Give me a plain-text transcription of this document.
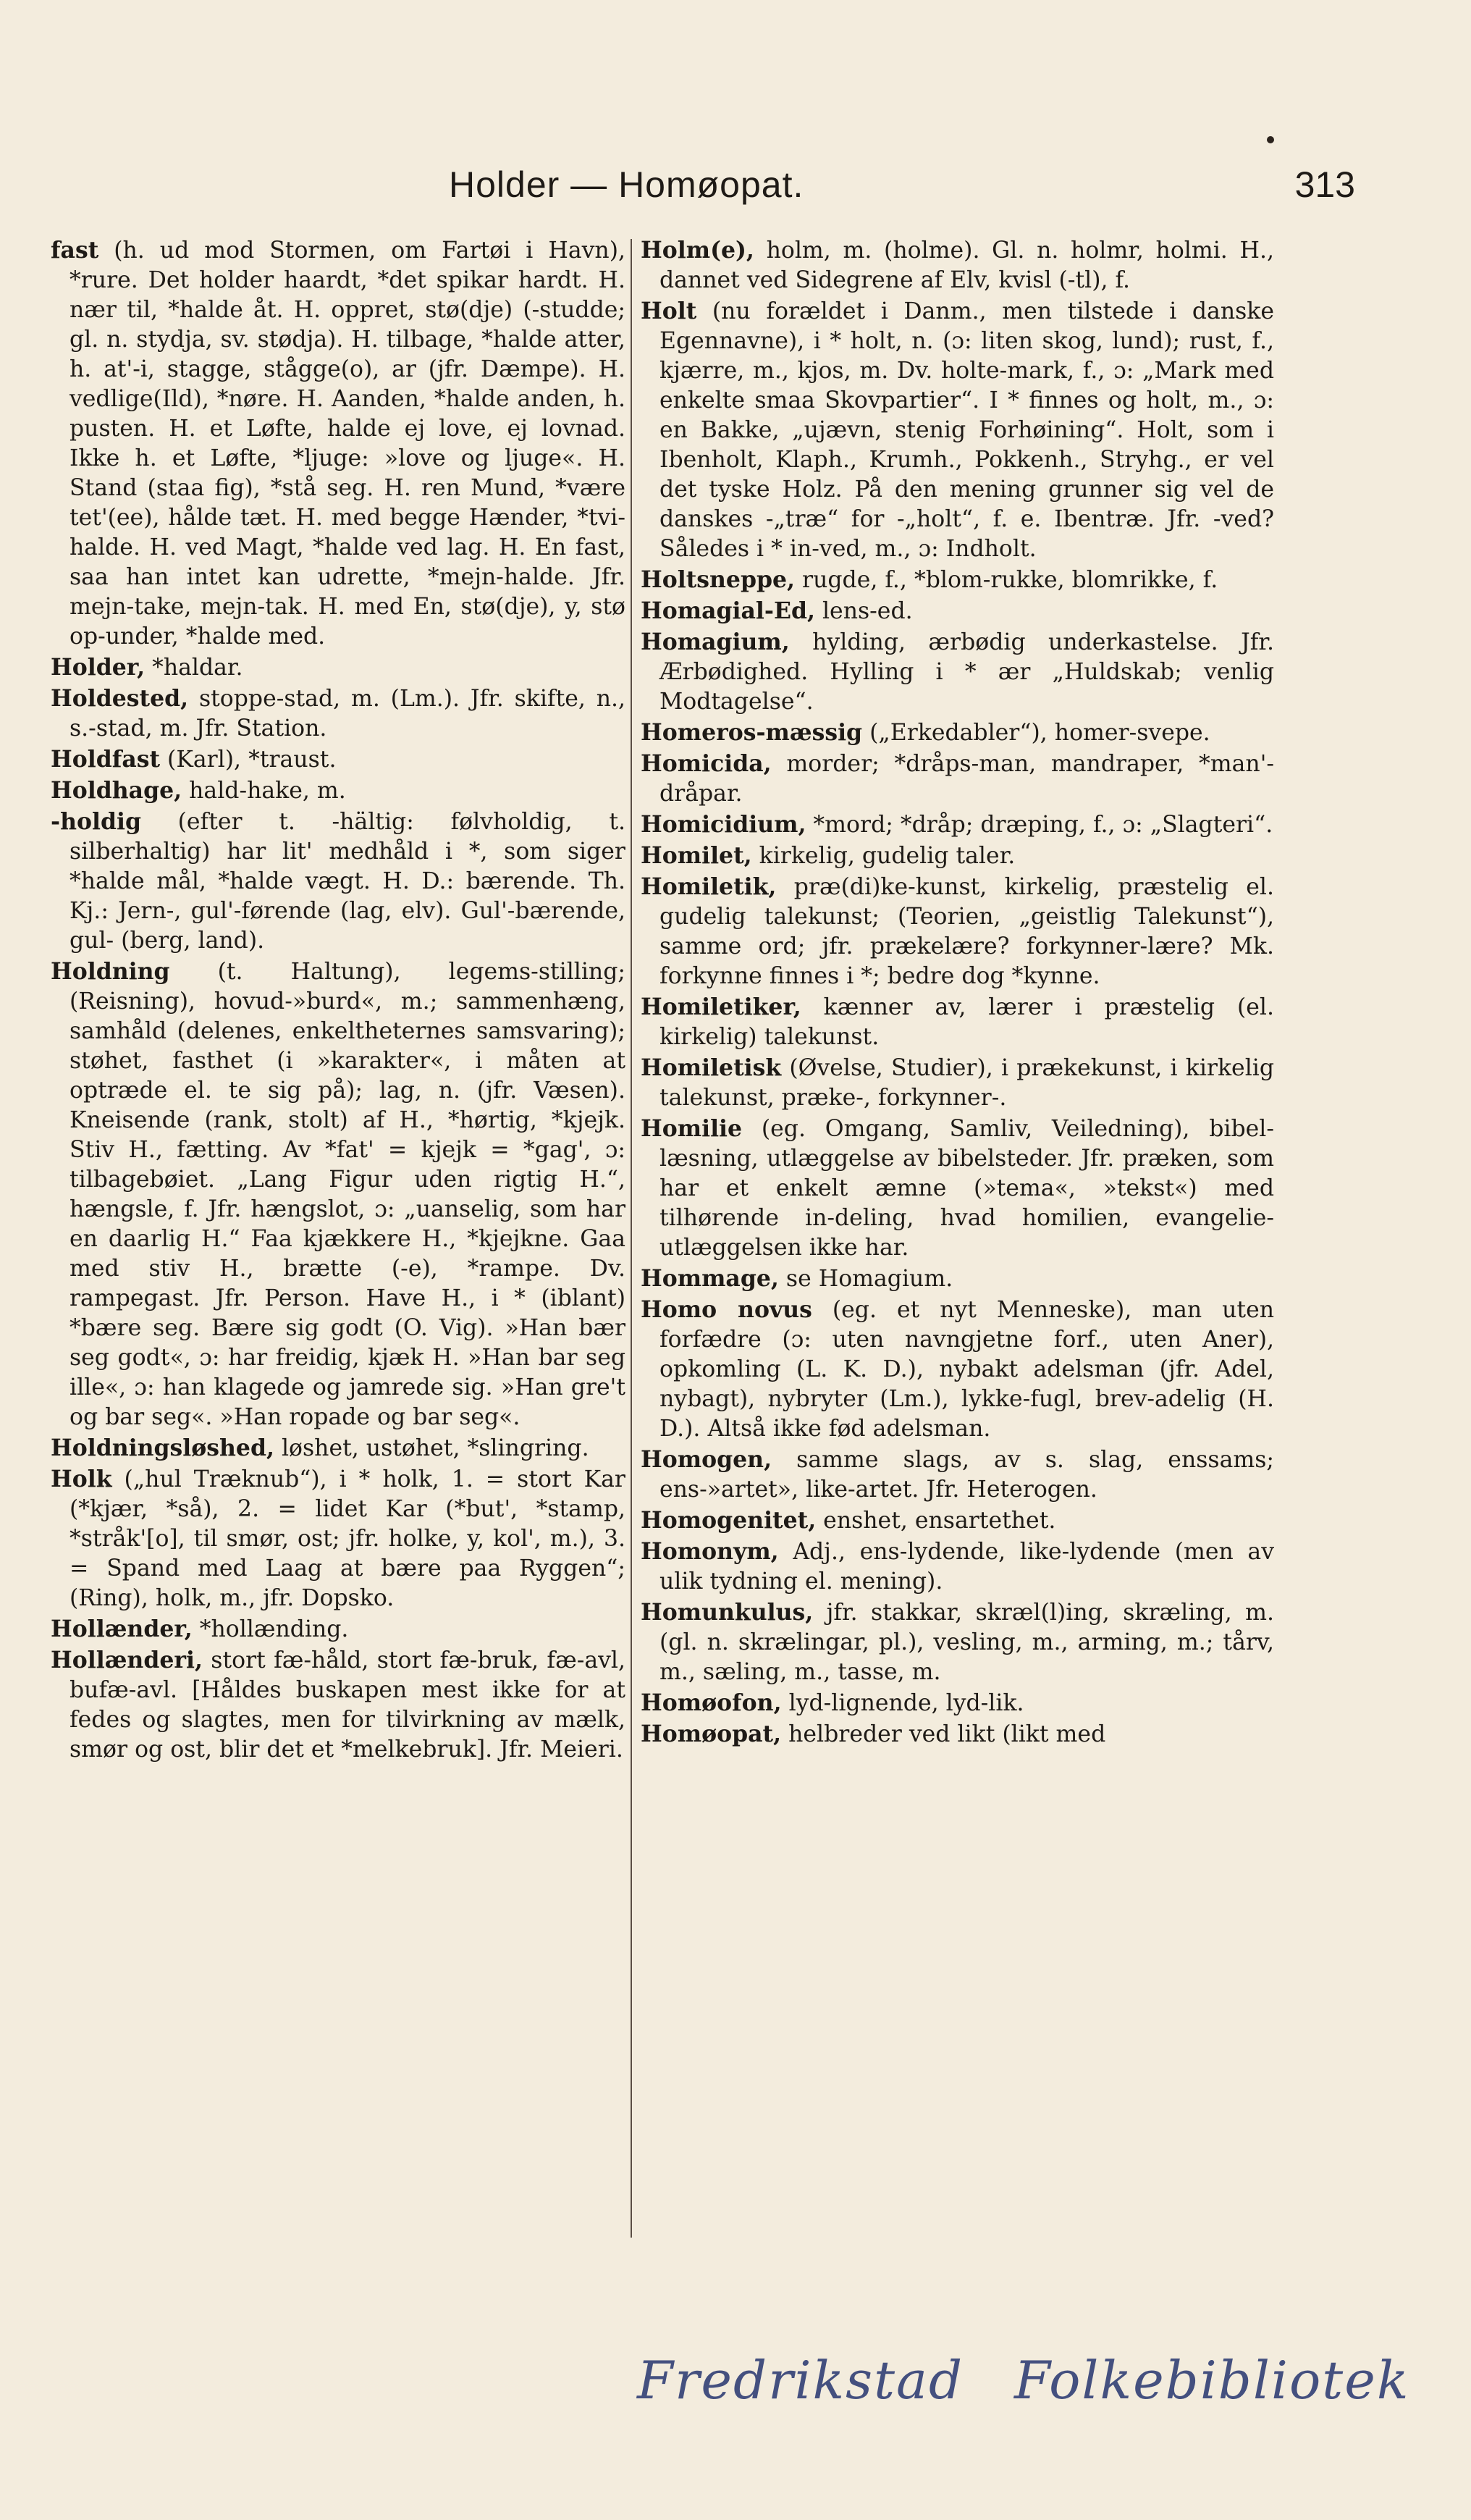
Holder — Homøopat.	313

fast (h. ud mod Stormen, om Fartøi i Havn), *rure. Det holder haardt, *det spikar hardt. H. nær til, *halde åt. H. oppret, stø(dje) (-studde; gl. n. stydja, sv. stødja). H. tilbage, *halde atter, h. at'-i, stagge, stågge(o), ar (jfr. Dæmpe). H. vedlige(Ild), *nøre. H. Aanden, *halde anden, h. pusten. H. et Løfte, halde ej love, ej lovnad. Ikke h. et Løfte, *ljuge: »love og ljuge«. H. Stand (staa fig), *stå seg. H. ren Mund, *være tet'(ee), hålde tæt. H. med begge Hænder, *tvi-halde. H. ved Magt, *halde ved lag. H. En fast, saa han intet kan udrette, *mejn-halde. Jfr. mejn-take, mejn-tak. H. med En, stø(dje), y, stø op-under, *halde med.

Holder, *haldar.

Holdested, stoppe-stad, m. (Lm.). Jfr. skifte, n., s.-stad, m. Jfr. Station.

Holdfast (Karl), *traust.

Holdhage, hald-hake, m.

-holdig (efter t. -hältig: følvholdig, t. silberhaltig) har lit' medhåld i *, som siger *halde mål, *halde vægt. H. D.: bærende. Th. Kj.: Jern-, gul'-førende (lag, elv). Gul'-bærende, gul- (berg, land).

Holdning (t. Haltung), legems-stilling; (Reisning), hovud-»burd«, m.; sammenhæng, samhåld (delenes, enkeltheternes samsvaring); støhet, fasthet (i »karakter«, i måten at optræde el. te sig på); lag, n. (jfr. Væsen). Kneisende (rank, stolt) af H., *hørtig, *kjejk. Stiv H., fætting. Av *fat' = kjejk = *gag', ɔ: tilbagebøiet. „Lang Figur uden rigtig H.“, hængsle, f. Jfr. hængslot, ɔ: „uanselig, som har en daarlig H.“ Faa kjækkere H., *kjejkne. Gaa med stiv H., brætte (-e), *rampe. Dv. rampegast. Jfr. Person. Have H., i * (iblant) *bære seg. Bære sig godt (O. Vig). »Han bær seg godt«, ɔ: har freidig, kjæk H. »Han bar seg ille«, ɔ: han klagede og jamrede sig. »Han gre't og bar seg«. »Han ropade og bar seg«.

Holdningsløshed, løshet, ustøhet, *slingring.

Holk („hul Træknub“), i * holk, 1. = stort Kar (*kjær, *så), 2. = lidet Kar (*but', *stamp, *stråk'[o], til smør, ost; jfr. holke, y, kol', m.), 3. = Spand med Laag at bære paa Ryggen“; (Ring), holk, m., jfr. Dopsko.

Hollænder, *hollænding.

Hollænderi, stort fæ-håld, stort fæ-bruk, fæ-avl, bufæ-avl. [Håldes buskapen mest ikke for at fedes og slagtes, men for tilvirkning av mælk, smør og ost, blir det et *melkebruk]. Jfr. Meieri.

Holm(e), holm, m. (holme). Gl. n. holmr, holmi. H., dannet ved Sidegrene af Elv, kvisl (-tl), f.

Holt (nu forældet i Danm., men tilstede i danske Egennavne), i * holt, n. (ɔ: liten skog, lund); rust, f., kjærre, m., kjos, m. Dv. holte-mark, f., ɔ: „Mark med enkelte smaa Skovpartier“. I * finnes og holt, m., ɔ: en Bakke, „ujævn, stenig Forhøining“. Holt, som i Ibenholt, Klaph., Krumh., Pokkenh., Stryhg., er vel det tyske Holz. På den mening grunner sig vel de danskes -„træ“ for -„holt“, f. e. Ibentræ. Jfr. -ved? Således i * in-ved, m., ɔ: Indholt.

Holtsneppe, rugde, f., *blom-rukke, blomrikke, f.

Homagial-Ed, lens-ed.

Homagium, hylding, ærbødig underkastelse. Jfr. Ærbødighed. Hylling i * ær „Huldskab; venlig Modtagelse“.

Homeros-mæssig („Erkedabler“), homer-svepe.

Homicida, morder; *dråps-man, mandraper, *man'-dråpar.

Homicidium, *mord; *dråp; dræping, f., ɔ: „Slagteri“.

Homilet, kirkelig, gudelig taler.

Homiletik, præ(di)ke-kunst, kirkelig, præstelig el. gudelig talekunst; (Teorien, „geistlig Talekunst“), samme ord; jfr. prækelære? forkynner-lære? Mk. forkynne finnes i *; bedre dog *kynne.

Homiletiker, kænner av, lærer i præstelig (el. kirkelig) talekunst.

Homiletisk (Øvelse, Studier), i prækekunst, i kirkelig talekunst, præke-, forkynner-.

Homilie (eg. Omgang, Samliv, Veiledning), bibel-læsning, utlæggelse av bibelsteder. Jfr. præken, som har et enkelt æmne (»tema«, »tekst«) med tilhørende in-deling, hvad homilien, evangelie-utlæggelsen ikke har.

Hommage, se Homagium.

Homo novus (eg. et nyt Menneske), man uten forfædre (ɔ: uten navngjetne forf., uten Aner), opkomling (L. K. D.), nybakt adelsman (jfr. Adel, nybagt), nybryter (Lm.), lykke-fugl, brev-adelig (H. D.). Altså ikke fød adelsman.

Homogen, samme slags, av s. slag, enssams; ens-»artet», like-artet. Jfr. Heterogen.

Homogenitet, enshet, ensartethet.

Homonym, Adj., ens-lydende, like-lydende (men av ulik tydning el. mening).

Homunkulus, jfr. stakkar, skræl(l)ing, skræling, m. (gl. n. skrælingar, pl.), vesling, m., arming, m.; tårv, m., sæling, m., tasse, m.

Homøofon, lyd-lignende, lyd-lik.

Homøopat, helbreder ved likt (likt med

Fredrikstad Folkebibliotek
